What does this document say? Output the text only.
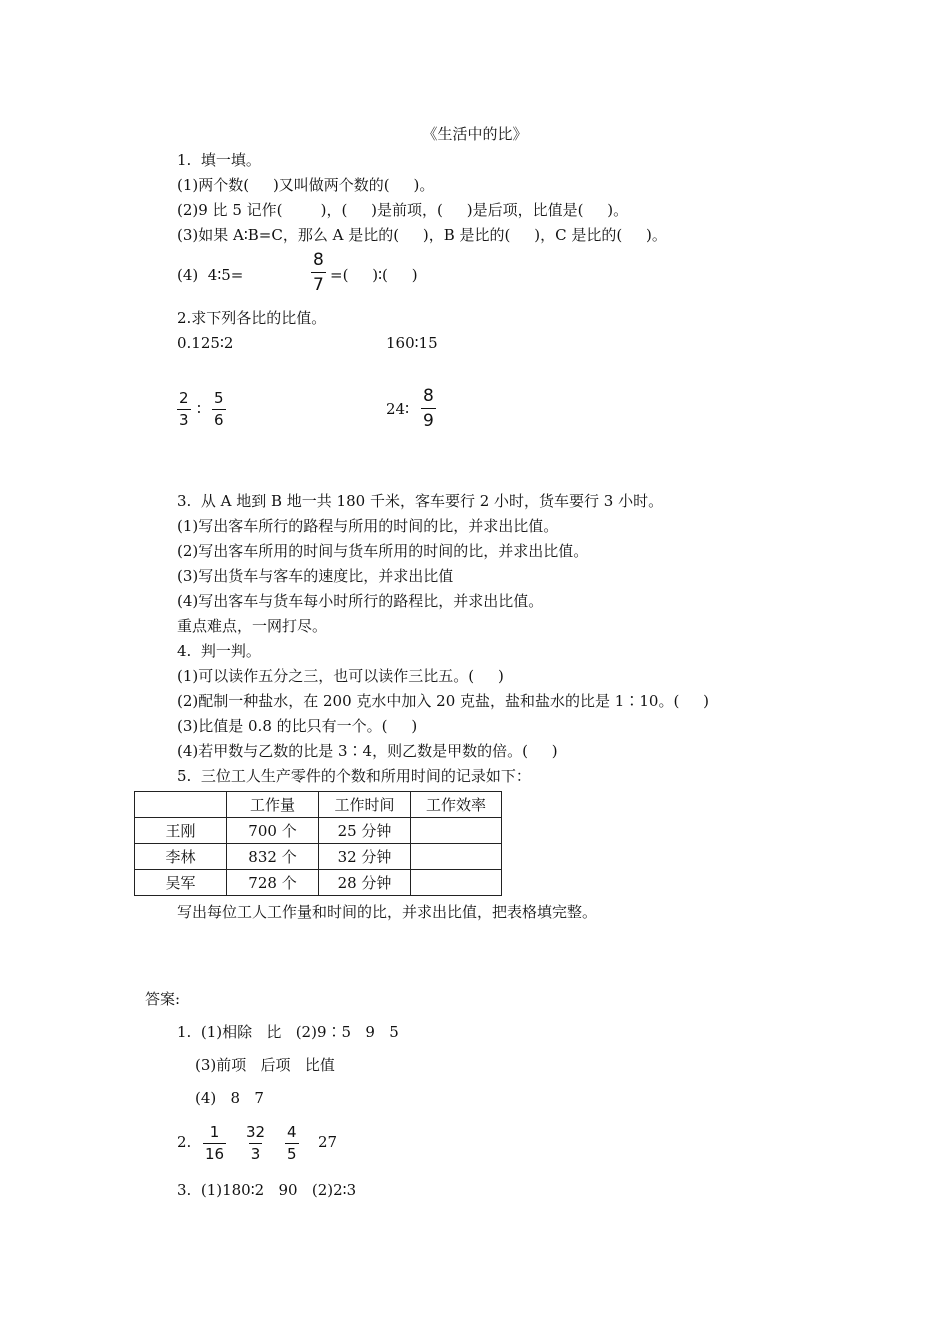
《生活中的比》
1.  填一填。
(1)两个数(     )又叫做两个数的(     )。
(2)9 比 5 记作(        )，(     )是前项，(     )是后项，比值是(     )。
(3)如果 A∶B=C，那么 A 是比的(     )，B 是比的(     )，C 是比的(     )。
(4)  4∶5=	$\frac{8}{7}$ =(     )∶(     )
2.求下列各比的比值。
0.125∶2	160∶15
$\frac{2}{3}$ ∶ $\frac{5}{6}$	24∶ $\frac{8}{9}$
3.  从 A 地到 B 地一共 180 千米，客车要行 2 小时，货车要行 3 小时。
(1)写出客车所行的路程与所用的时间的比，并求出比值。
(2)写出客车所用的时间与货车所用的时间的比，并求出比值。
(3)写出货车与客车的速度比，并求出比值
(4)写出客车与货车每小时所行的路程比，并求出比值。
重点难点，一网打尽。
4.  判一判。
(1)可以读作五分之三，也可以读作三比五。(     )
(2)配制一种盐水，在 200 克水中加入 20 克盐，盐和盐水的比是 1∶10。(     )
(3)比值是 0.8 的比只有一个。(     )
(4)若甲数与乙数的比是 3∶4，则乙数是甲数的倍。(     )
5.  三位工人生产零件的个数和所用时间的记录如下：
	工作量	工作时间	工作效率
王刚	700 个	25 分钟	
李林	832 个	32 分钟	
吴军	728 个	28 分钟	
写出每位工人工作量和时间的比，并求出比值，把表格填完整。
答案:
1.  (1)相除   比   (2)9∶5   9   5
(3)前项   后项   比值
(4)   8   7
2. $\frac{1}{16} \frac{32}{3} \frac{4}{5} 27$
3.  (1)180∶2   90   (2)2∶3
